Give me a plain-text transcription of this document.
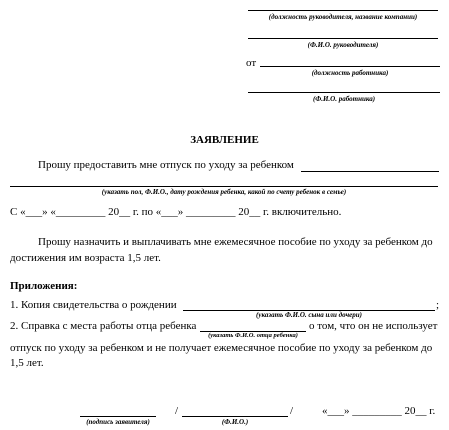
(должность руководителя, название компании)
(Ф.И.О. руководителя)
от
(должность работника)
(Ф.И.О. работника)
ЗАЯВЛЕНИЕ
Прошу предоставить мне отпуск по уходу за ребенком
(указать пол, Ф.И.О., дату рождения ребенка, какой по счету ребенок в семье)
С «___» «_________ 20__ г. по «___» _________ 20__ г. включительно.
Прошу назначить и выплачивать мне ежемесячное пособие по уходу за ребенком до
достижения им возраста 1,5 лет.
Приложения:
1. Копия свидетельства о рождении	;
(указать Ф.И.О. сына или дочери)
2. Справка с места работы отца ребенка	о том, что он не использует
(указать Ф.И.О. отца ребенка)
отпуск по уходу за ребенком и не получает ежемесячное пособие по уходу за ребенком до
1,5 лет.
(подпись заявителя)
/	/
(Ф.И.О.)
«___» _________ 20__ г.
